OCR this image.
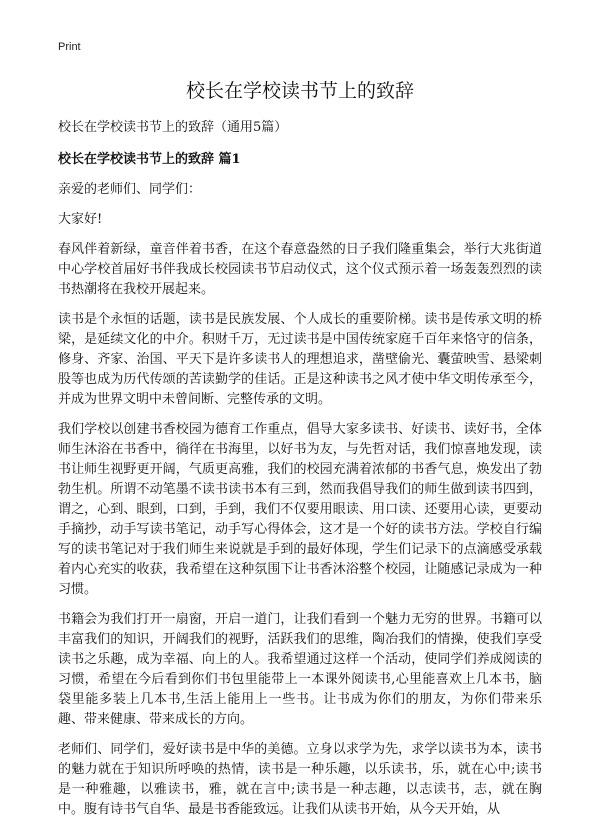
Print
校长在学校读书节上的致辞

校长在学校读书节上的致辞（通用5篇）

校长在学校读书节上的致辞 篇1

亲爱的老师们、同学们：

大家好!

春风伴着新绿，童音伴着书香，在这个春意盎然的日子我们隆重集会，举行大兆街道中心学校首届好书伴我成长校园读书节启动仪式，这个仪式预示着一场轰轰烈烈的读书热潮将在我校开展起来。

读书是个永恒的话题，读书是民族发展、个人成长的重要阶梯。读书是传承文明的桥梁，是延续文化的中介。积财千万，无过读书是中国传统家庭千百年来恪守的信条，修身、齐家、治国、平天下是许多读书人的理想追求，凿壁偷光、囊萤映雪、悬梁刺股等也成为历代传颂的苦读勤学的佳话。正是这种读书之风才使中华文明传承至今，并成为世界文明中未曾间断、完整传承的文明。

我们学校以创建书香校园为德育工作重点，倡导大家多读书、好读书、读好书，全体师生沐浴在书香中，徜徉在书海里，以好书为友，与先哲对话，我们惊喜地发现，读书让师生视野更开阔，气质更高雅，我们的校园充满着浓郁的书香气息，焕发出了勃勃生机。所谓不动笔墨不读书读书本有三到，然而我倡导我们的师生做到读书四到，谓之，心到、眼到，口到，手到，我们不仅要用眼读、用口读、还要用心读，更要动手摘抄，动手写读书笔记，动手写心得体会，这才是一个好的读书方法。学校自行编写的读书笔记对于我们师生来说就是手到的最好体现，学生们记录下的点滴感受承载着内心充实的收获，我希望在这种氛围下让书香沐浴整个校园，让随感记录成为一种习惯。

书籍会为我们打开一扇窗，开启一道门，让我们看到一个魅力无穷的世界。书籍可以丰富我们的知识，开阔我们的视野，活跃我们的思维，陶冶我们的情操，使我们享受读书之乐趣，成为幸福、向上的人。我希望通过这样一个活动，使同学们养成阅读的习惯，希望在今后看到你们书包里能带上一本课外阅读书,心里能喜欢上几本书，脑袋里能多装上几本书,生活上能用上一些书。让书成为你们的朋友，为你们带来乐趣、带来健康、带来成长的方向。

老师们、同学们，爱好读书是中华的美德。立身以求学为先，求学以读书为本，读书的魅力就在于知识所呼唤的热情，读书是一种乐趣，以乐读书，乐，就在心中;读书是一种雅趣，以雅读书，雅，就在言中;读书是一种志趣，以志读书，志，就在胸中。腹有诗书气自华、最是书香能致远。让我们从读书开始，从今天开始，从
